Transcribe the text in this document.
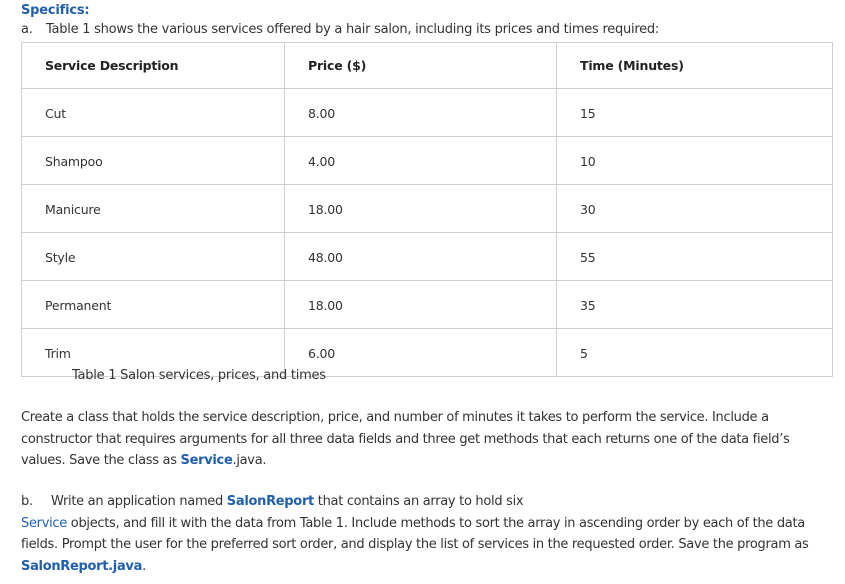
Specifics:
a. Table 1 shows the various services offered by a hair salon, including its prices and times required:
Service Description	Price ($)	Time (Minutes)
Cut	8.00	15
Shampoo	4.00	10
Manicure	18.00	30
Style	48.00	55
Permanent	18.00	35
Trim	6.00	5
Table 1 Salon services, prices, and times
Create a class that holds the service description, price, and number of minutes it takes to perform the service. Include a constructor that requires arguments for all three data fields and three get methods that each returns one of the data field’s values. Save the class as Service.java.
b. Write an application named SalonReport that contains an array to hold six
Service objects, and fill it with the data from Table 1. Include methods to sort the array in ascending order by each of the data fields. Prompt the user for the preferred sort order, and display the list of services in the requested order. Save the program as SalonReport.java.
